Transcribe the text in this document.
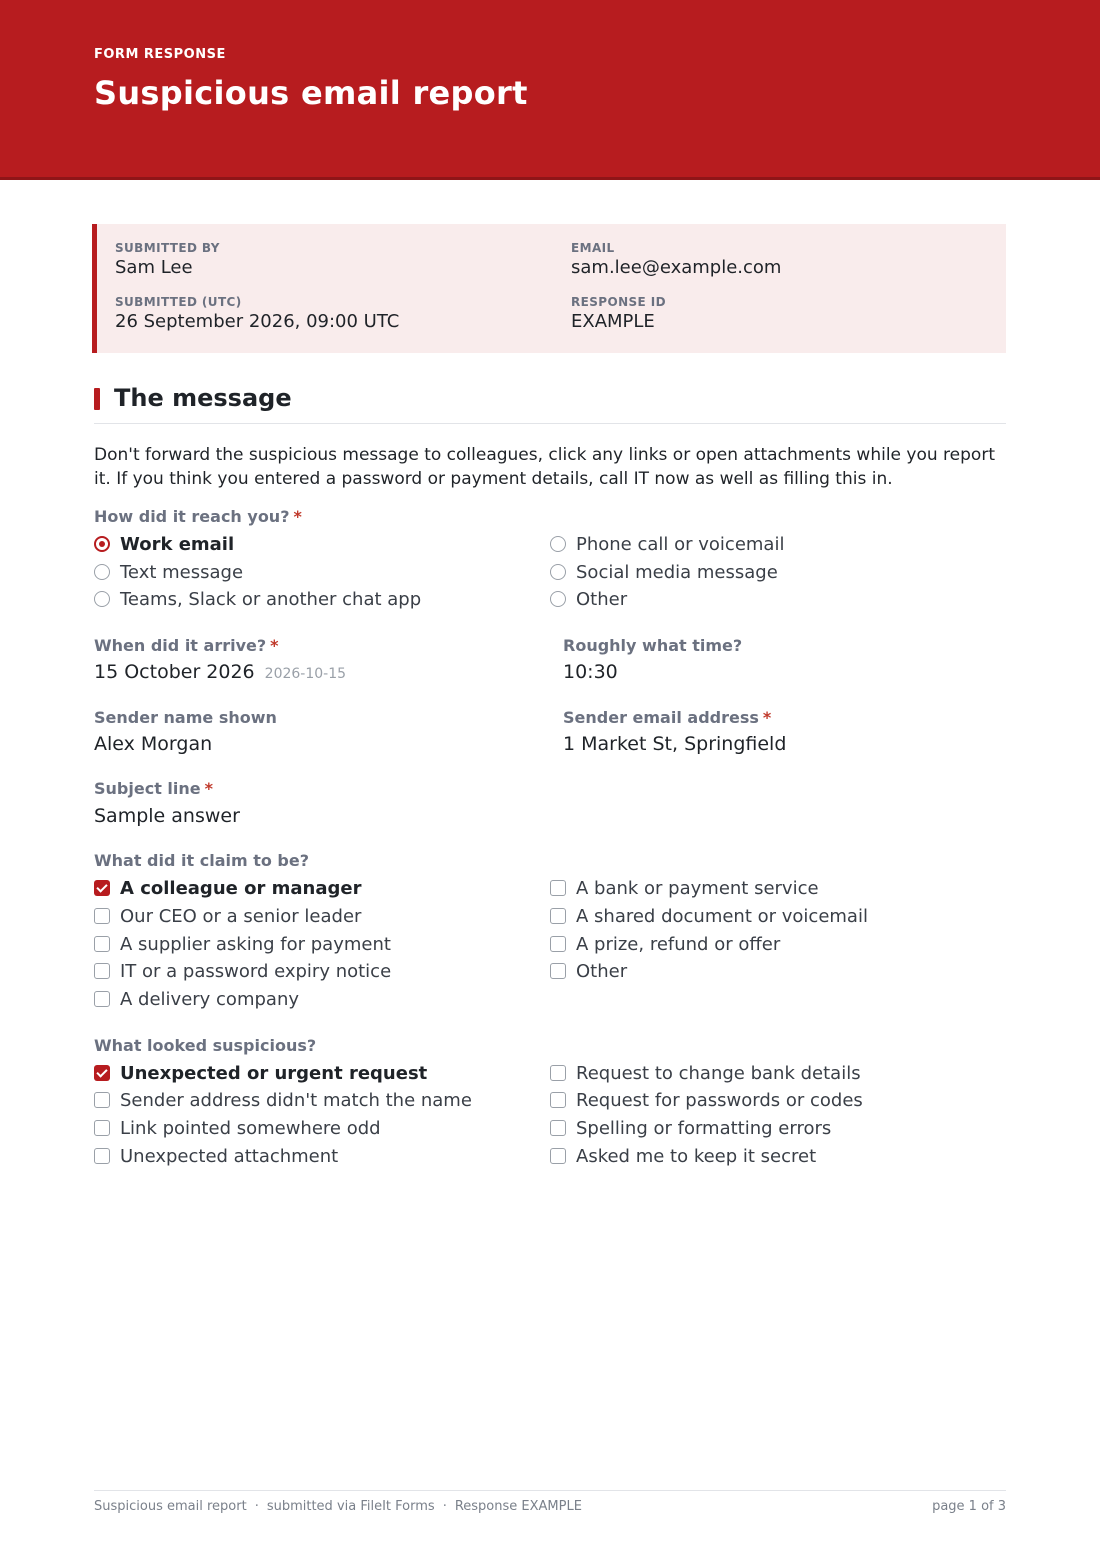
FORM RESPONSE
Suspicious email report
SUBMITTED BY
Sam Lee
EMAIL
sam.lee@example.com
SUBMITTED (UTC)
26 September 2026, 09:00 UTC
RESPONSE ID
EXAMPLE
The message
Don't forward the suspicious message to colleagues, click any links or open attachments while you report it. If you think you entered a password or payment details, call IT now as well as filling this in.
How did it reach you? *
Work email
Text message
Teams, Slack or another chat app
Phone call or voicemail
Social media message
Other
When did it arrive? *
15 October 2026 2026-10-15
Roughly what time?
10:30
Sender name shown
Alex Morgan
Sender email address *
1 Market St, Springfield
Subject line *
Sample answer
What did it claim to be?
A colleague or manager
Our CEO or a senior leader
A supplier asking for payment
IT or a password expiry notice
A delivery company
A bank or payment service
A shared document or voicemail
A prize, refund or offer
Other
What looked suspicious?
Unexpected or urgent request
Sender address didn't match the name
Link pointed somewhere odd
Unexpected attachment
Request to change bank details
Request for passwords or codes
Spelling or formatting errors
Asked me to keep it secret
Suspicious email report · submitted via FileIt Forms · Response EXAMPLE	page 1 of 3
